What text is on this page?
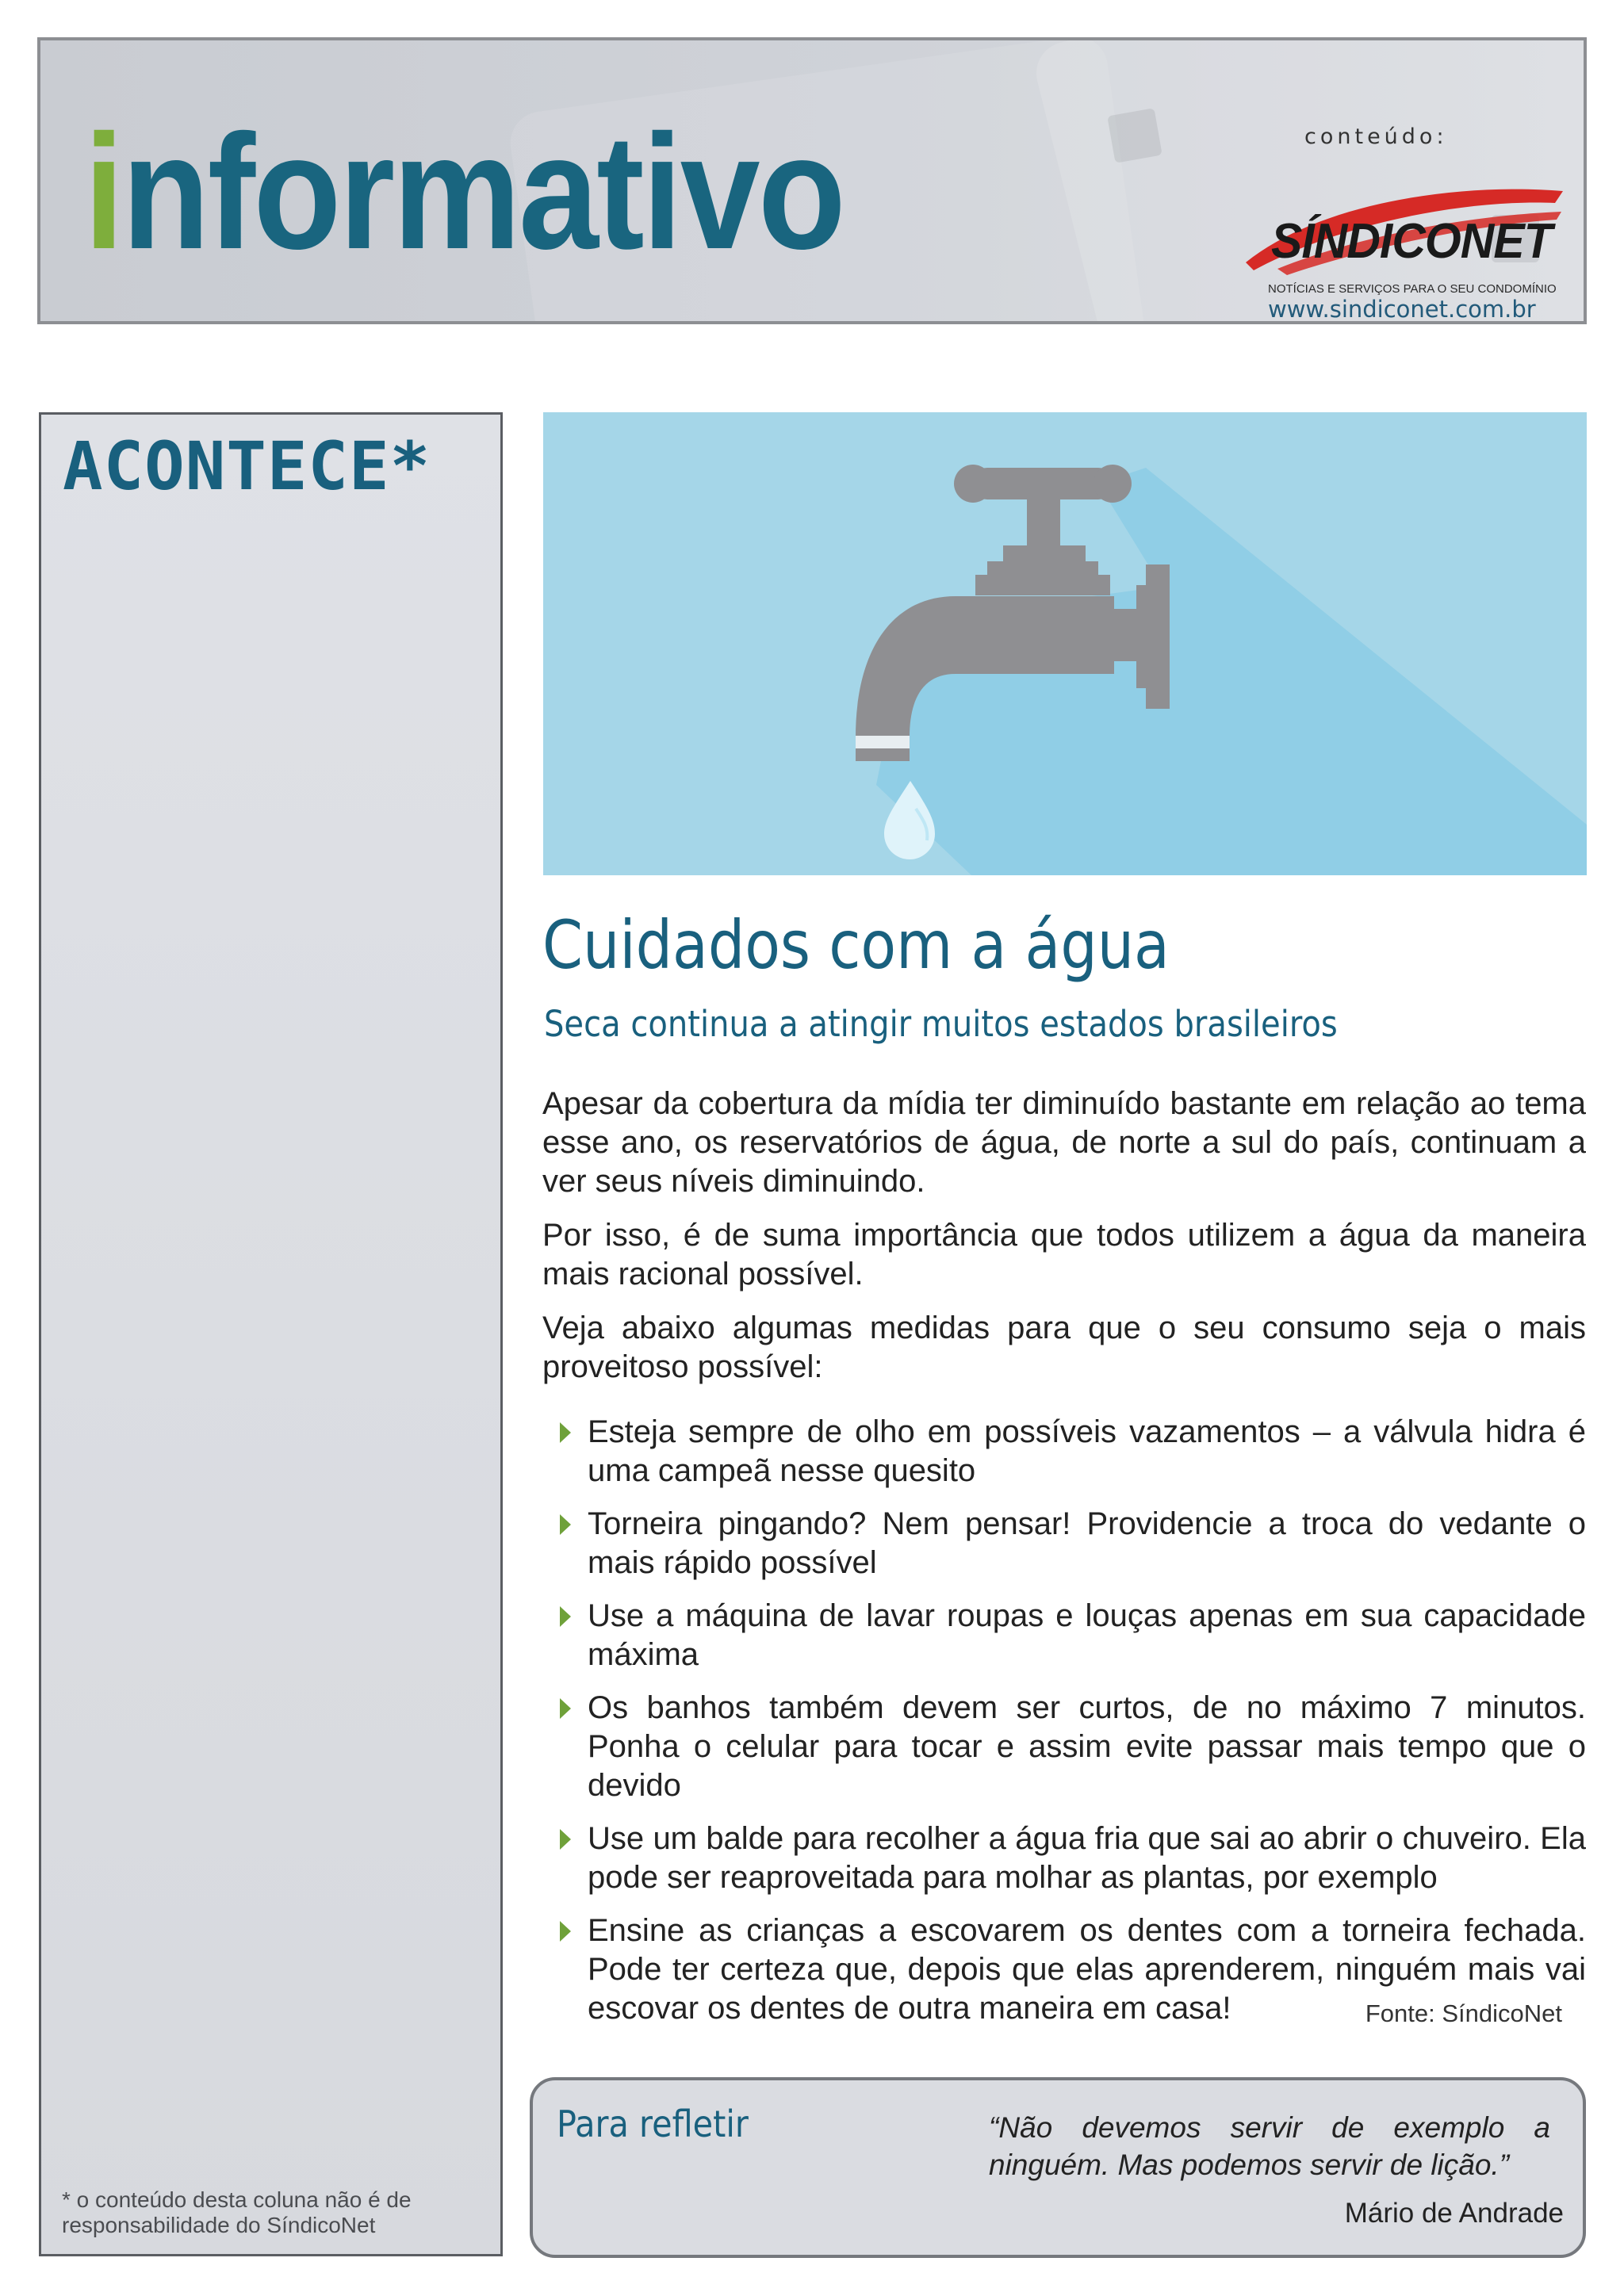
informativo	conteúdo:
SÍNDICONET
NOTÍCIAS E SERVIÇOS PARA O SEU CONDOMÍNIO
www.sindiconet.com.br
ACONTECE*
* o conteúdo desta coluna não é de responsabilidade do SíndicoNet
Cuidados com a água
Seca continua a atingir muitos estados brasileiros

Apesar da cobertura da mídia ter diminuído bastante em relação ao tema esse ano, os reservatórios de água, de norte a sul do país, continuam a ver seus níveis diminuindo.

Por isso, é de suma importância que todos utilizem a água da maneira mais racional possível.

Veja abaixo algumas medidas para que o seu consumo seja o mais proveitoso possível:

Esteja sempre de olho em possíveis vazamentos – a válvula hidra é uma campeã nesse quesito
Torneira pingando? Nem pensar! Providencie a troca do vedante o mais rápido possível
Use a máquina de lavar roupas e louças apenas em sua capacidade máxima
Os banhos também devem ser curtos, de no máximo 7 minutos. Ponha o celular para tocar e assim evite passar mais tempo que o devido
Use um balde para recolher a água fria que sai ao abrir o chuveiro. Ela pode ser reaproveitada para molhar as plantas, por exemplo
Ensine as crianças a escovarem os dentes com a torneira fechada. Pode ter certeza que, depois que elas aprenderem, ninguém mais vai escovar os dentes de outra maneira em casa!	Fonte: SíndicoNet
Para refletir	“Não devemos servir de exemplo a ninguém. Mas podemos servir de lição.”
Mário de Andrade
